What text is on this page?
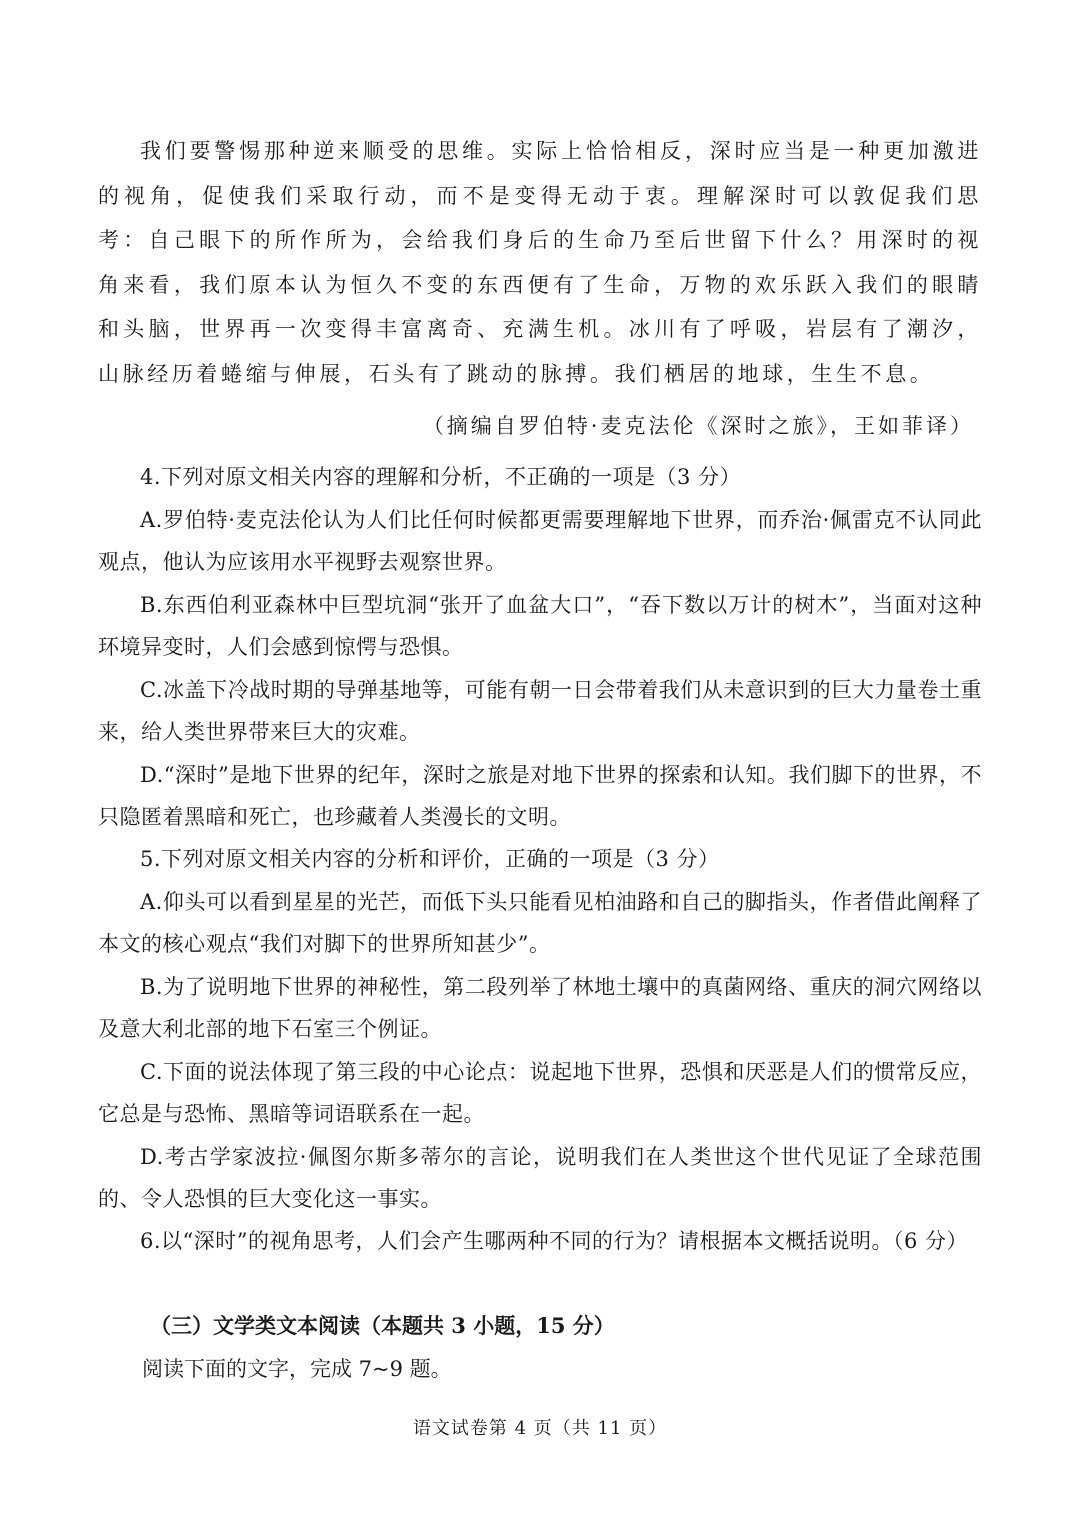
我们要警惕那种逆来顺受的思维。实际上恰恰相反，深时应当是一种更加激进的视角，促使我们采取行动，而不是变得无动于衷。理解深时可以敦促我们思考：自己眼下的所作所为，会给我们身后的生命乃至后世留下什么？用深时的视角来看，我们原本认为恒久不变的东西便有了生命，万物的欢乐跃入我们的眼睛和头脑，世界再一次变得丰富离奇、充满生机。冰川有了呼吸，岩层有了潮汐，山脉经历着蜷缩与伸展，石头有了跳动的脉搏。我们栖居的地球，生生不息。
（摘编自罗伯特·麦克法伦《深时之旅》，王如菲译）
4.下列对原文相关内容的理解和分析，不正确的一项是（3 分）
A.罗伯特·麦克法伦认为人们比任何时候都更需要理解地下世界，而乔治·佩雷克不认同此观点，他认为应该用水平视野去观察世界。
B.东西伯利亚森林中巨型坑洞“张开了血盆大口”，“吞下数以万计的树木”，当面对这种环境异变时，人们会感到惊愕与恐惧。
C.冰盖下冷战时期的导弹基地等，可能有朝一日会带着我们从未意识到的巨大力量卷土重来，给人类世界带来巨大的灾难。
D.“深时”是地下世界的纪年，深时之旅是对地下世界的探索和认知。我们脚下的世界，不只隐匿着黑暗和死亡，也珍藏着人类漫长的文明。
5.下列对原文相关内容的分析和评价，正确的一项是（3 分）
A.仰头可以看到星星的光芒，而低下头只能看见柏油路和自己的脚指头，作者借此阐释了本文的核心观点“我们对脚下的世界所知甚少”。
B.为了说明地下世界的神秘性，第二段列举了林地土壤中的真菌网络、重庆的洞穴网络以及意大利北部的地下石室三个例证。
C.下面的说法体现了第三段的中心论点：说起地下世界，恐惧和厌恶是人们的惯常反应，它总是与恐怖、黑暗等词语联系在一起。
D.考古学家波拉·佩图尔斯多蒂尔的言论，说明我们在人类世这个世代见证了全球范围的、令人恐惧的巨大变化这一事实。
6.以“深时”的视角思考，人们会产生哪两种不同的行为？请根据本文概括说明。（6 分）
（三）文学类文本阅读（本题共 3 小题，15 分）
阅读下面的文字，完成 7~9 题。
语文试卷第 4 页（共 11 页）
